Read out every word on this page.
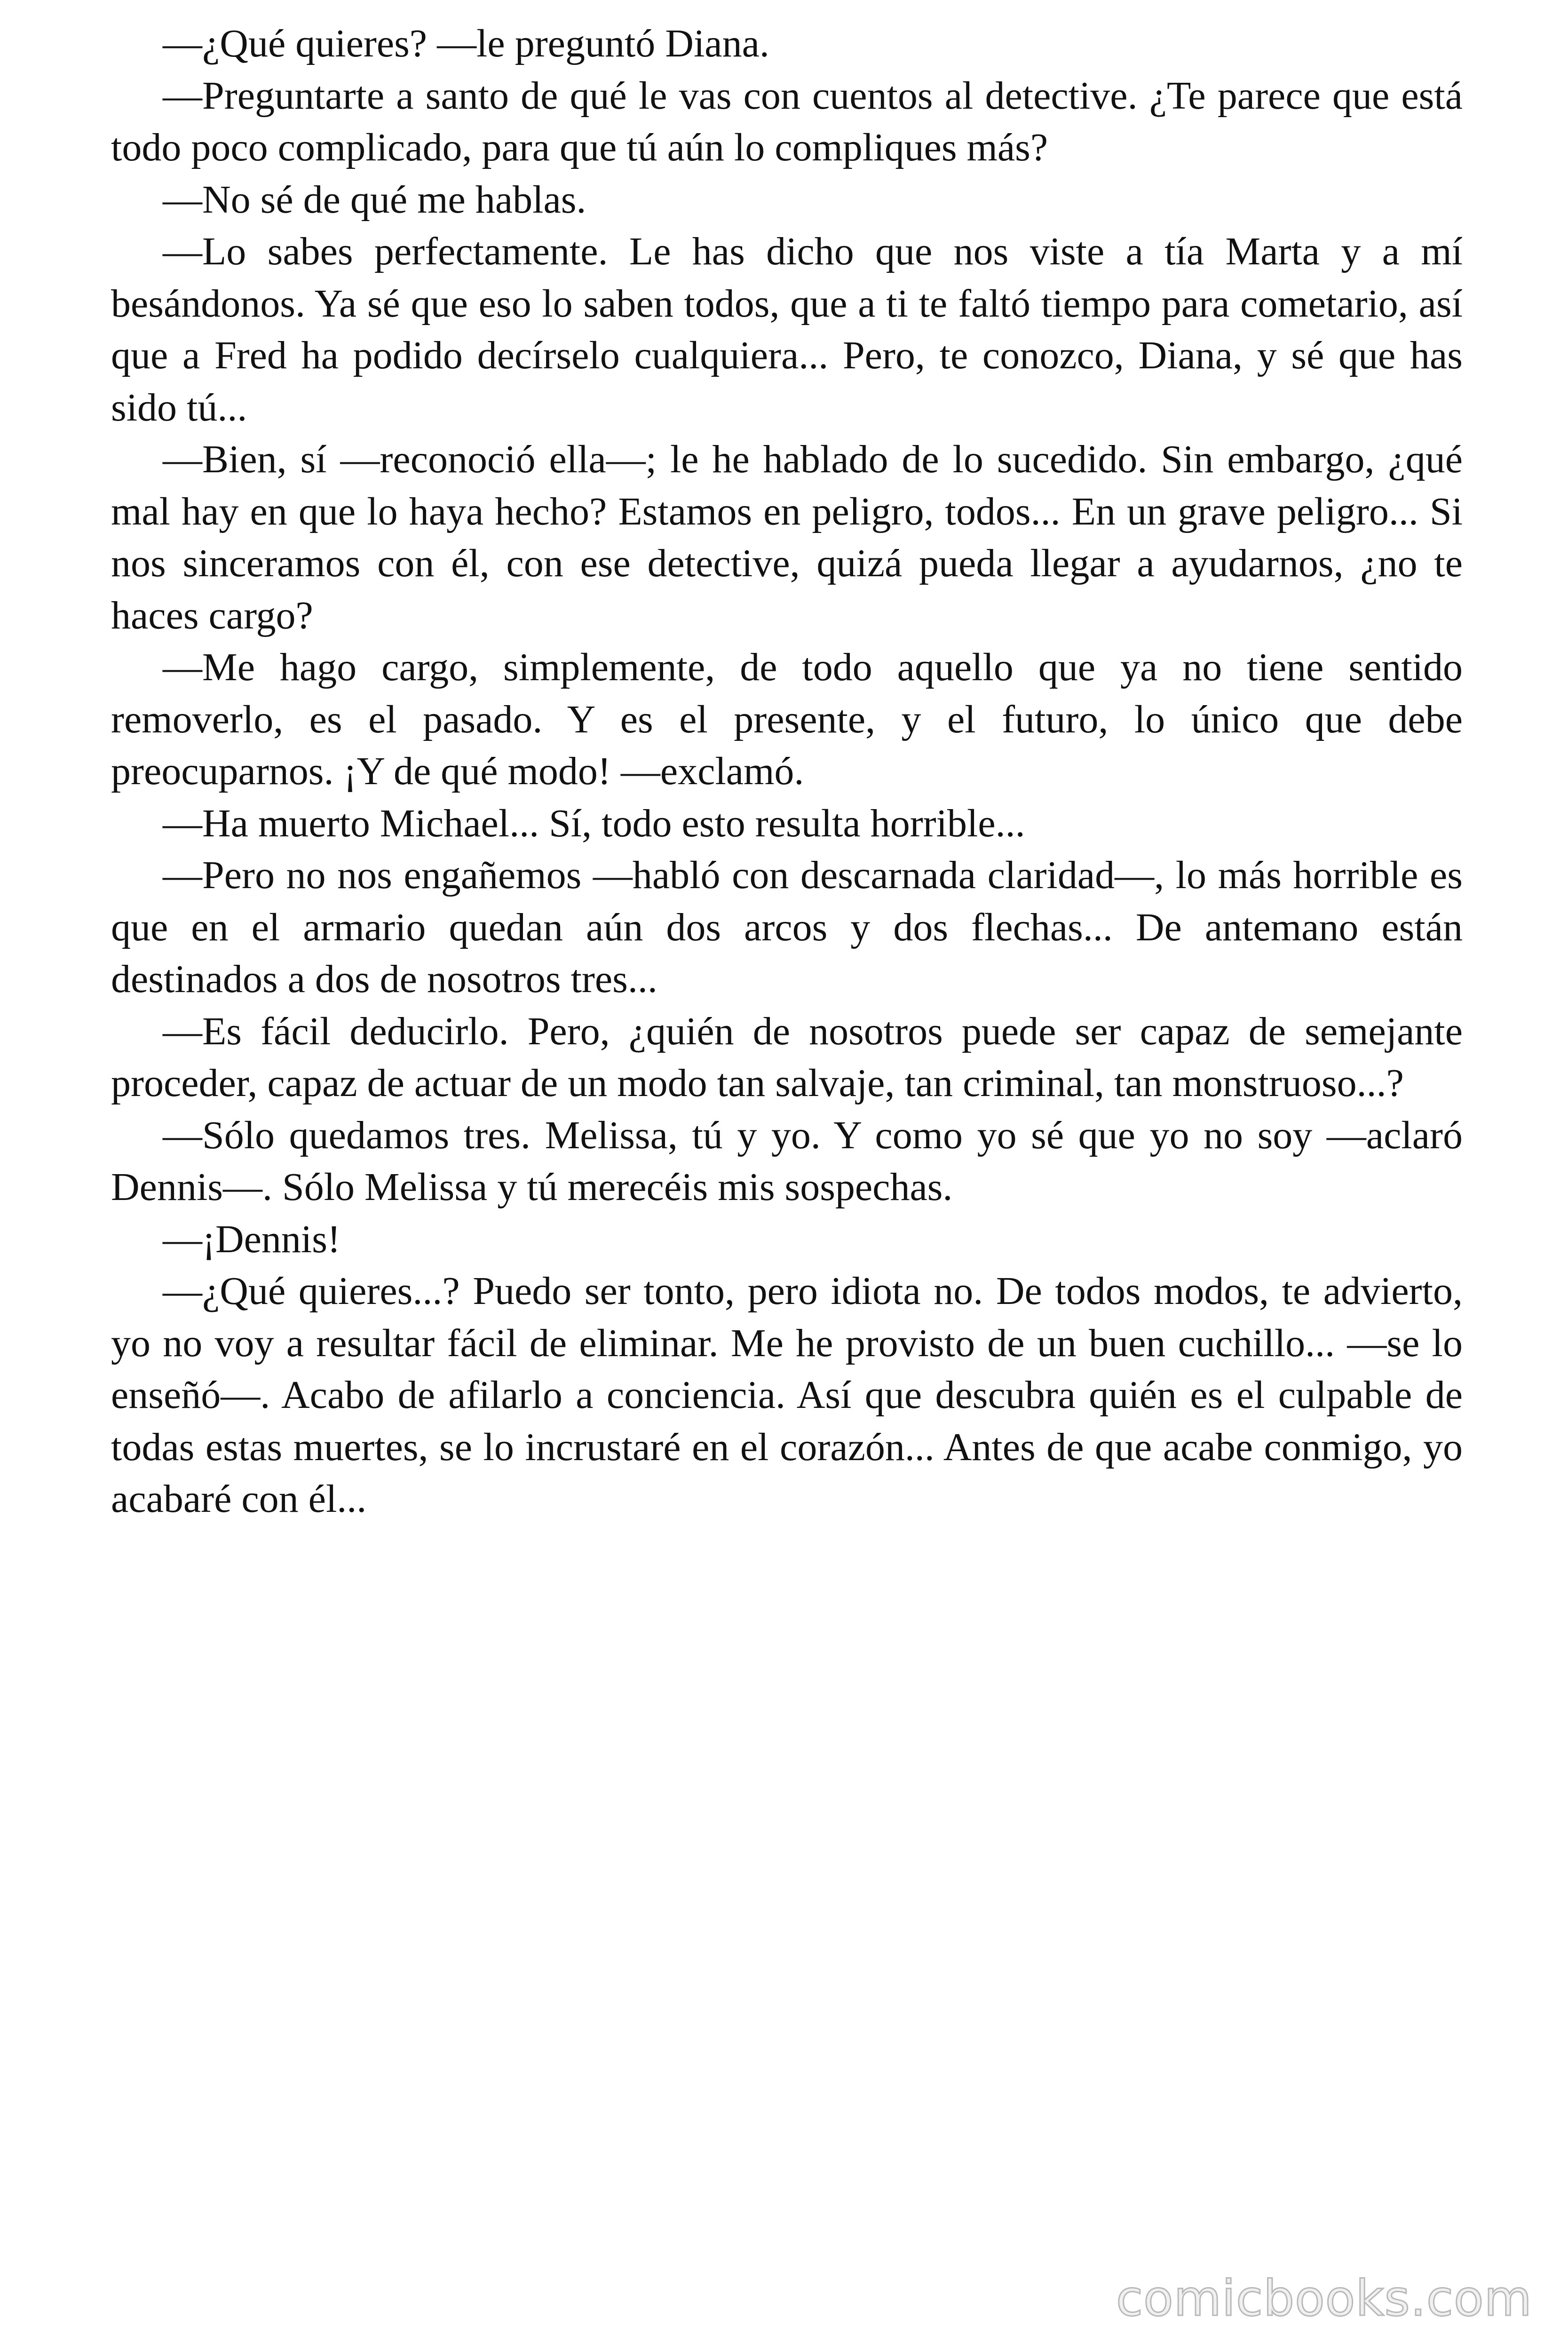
—¿Qué quieres? —le preguntó Diana.

—Preguntarte a santo de qué le vas con cuentos al detective. ¿Te parece que está todo poco complicado, para que tú aún lo compliques más?

—No sé de qué me hablas.

—Lo sabes perfectamente. Le has dicho que nos viste a tía Marta y a mí besándonos. Ya sé que eso lo saben todos, que a ti te faltó tiempo para cometario, así que a Fred ha podido decírselo cualquiera... Pero, te conozco, Diana, y sé que has sido tú...

—Bien, sí —reconoció ella—; le he hablado de lo sucedido. Sin embargo, ¿qué mal hay en que lo haya hecho? Estamos en peligro, todos... En un grave peligro... Si nos sinceramos con él, con ese detective, quizá pueda llegar a ayudarnos, ¿no te haces cargo?

—Me hago cargo, simplemente, de todo aquello que ya no tiene sentido removerlo, es el pasado. Y es el presente, y el futuro, lo único que debe preocuparnos. ¡Y de qué modo! —exclamó.

—Ha muerto Michael... Sí, todo esto resulta horrible...

—Pero no nos engañemos —habló con descarnada claridad—, lo más horrible es que en el armario quedan aún dos arcos y dos flechas... De antemano están destinados a dos de nosotros tres...

—Es fácil deducirlo. Pero, ¿quién de nosotros puede ser capaz de semejante proceder, capaz de actuar de un modo tan salvaje, tan criminal, tan monstruoso...?

—Sólo quedamos tres. Melissa, tú y yo. Y como yo sé que yo no soy —aclaró Dennis—. Sólo Melissa y tú merecéis mis sospechas.

—¡Dennis!

—¿Qué quieres...? Puedo ser tonto, pero idiota no. De todos modos, te advierto, yo no voy a resultar fácil de eliminar. Me he provisto de un buen cuchillo... —se lo enseñó—. Acabo de afilarlo a conciencia. Así que descubra quién es el culpable de todas estas muertes, se lo incrustaré en el corazón... Antes de que acabe conmigo, yo acabaré con él...

comicbooks.com
